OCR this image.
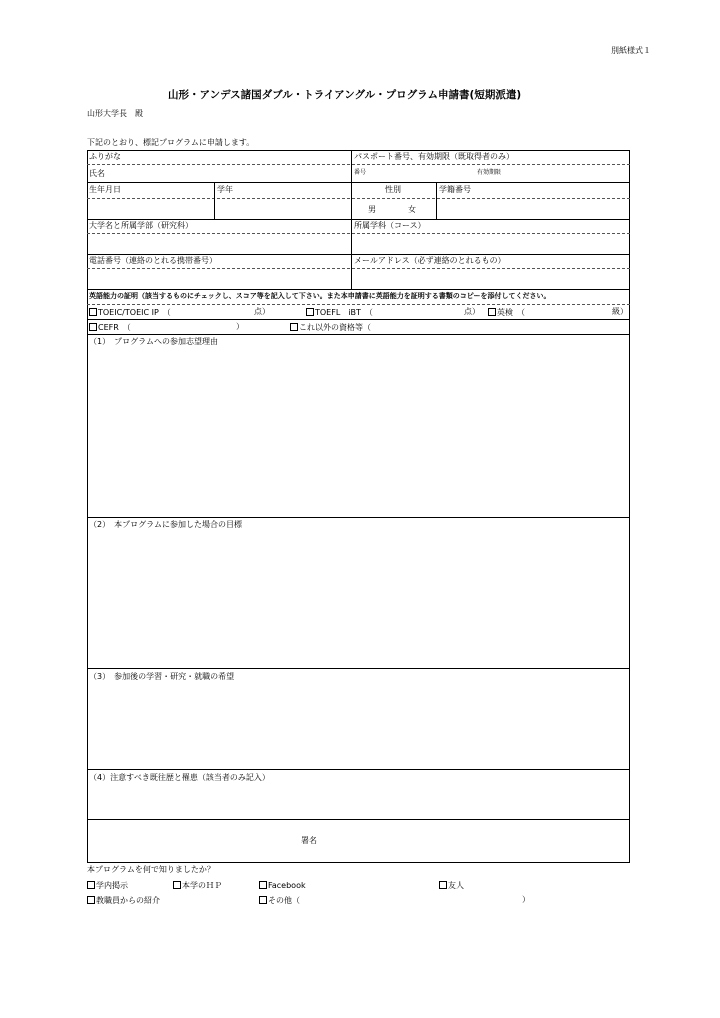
別紙様式１
山形・アンデス諸国ダブル・トライアングル・プログラム申請書(短期派遣)
山形大学長　殿
下記のとおり、標記プログラムに申請します。
ふりがな	パスポート番号、有効期限（既取得者のみ）
氏名	番号	有効期限
生年月日	学年	性別	学籍番号
男	女
大学名と所属学部（研究科）	所属学科（コース）
電話番号（連絡のとれる携帯番号）	メールアドレス（必ず連絡のとれるもの）
英語能力の証明（該当するものにチェックし、スコア等を記入して下さい。また本申請書に英語能力を証明する書類のコピーを添付してください。
TOEIC/TOEIC IP　（	点）	TOEFL　iBT　（	点）	英検　（	級）
CEFR　（	）	これ以外の資格等（
（1）　プログラムへの参加志望理由
（2）　本プログラムに参加した場合の目標
（3）　参加後の学習・研究・就職の希望
（4）注意すべき既往歴と罹患（該当者のみ記入）
署名
本プログラムを何で知りましたか？
学内掲示	本学のＨＰ	Facebook	友人
教職員からの紹介	その他（	）
